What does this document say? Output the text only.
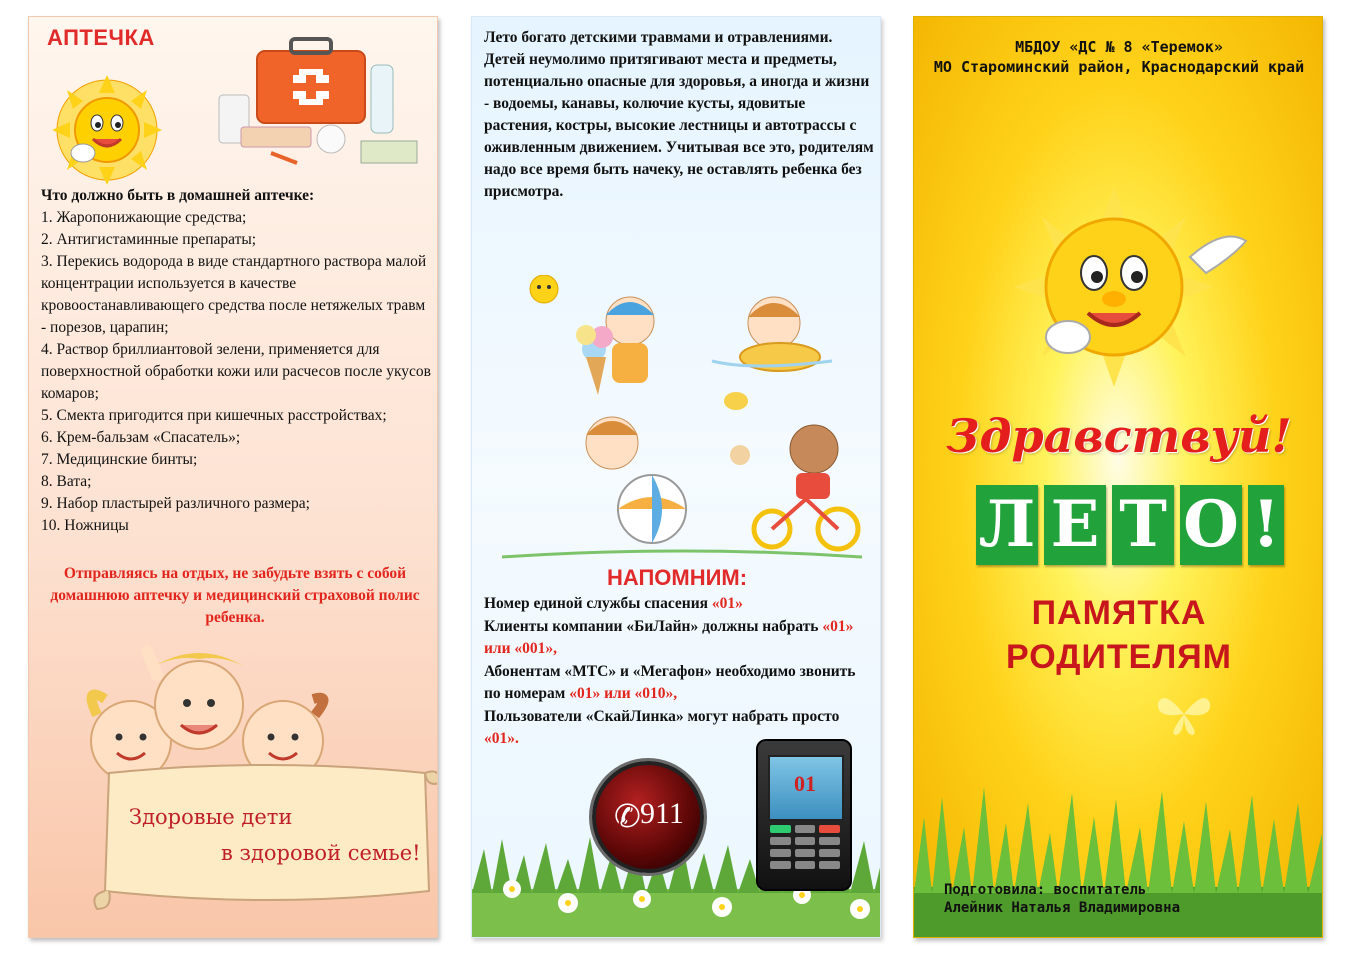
АПТЕЧКА
Что должно быть в домашней аптечке:
1. Жаропонижающие средства;
2. Антигистаминные препараты;
3. Перекись водорода в виде стандартного раствора малой концентрации используется в качестве кровоостанавливающего средства после нетяжелых травм - порезов, царапин;
4. Раствор бриллиантовой зелени, применяется для поверхностной обработки кожи или расчесов после укусов комаров;
5. Смекта пригодится при кишечных расстройствах;
6. Крем-бальзам «Спасатель»;
7. Медицинские бинты;
8. Вата;
9. Набор пластырей различного размера;
10. Ножницы
Отправляясь на отдых, не забудьте взять с собой домашнюю аптечку и медицинский страховой полис ребенка.
Здоровые дети
в здоровой семье!
Лето богато детскими травмами и отравлениями. Детей неумолимо притягивают места и предметы, потенциально опасные для здоровья, а иногда и жизни - водоемы, канавы, колючие кусты, ядовитые растения, костры, высокие лестницы и автотрассы с оживленным движением. Учитывая все это, родителям надо все время быть начеку, не оставлять ребенка без присмотра.
НАПОМНИМ:
Номер единой службы спасения «01»
Клиенты компании «БиЛайн» должны набрать «01» или «001»,
Абонентам «МТС» и «Мегафон» необходимо звонить по номерам «01» или «010»,
Пользователи «СкайЛинка» могут набрать просто «01».
✆ 911
01
МБДОУ «ДС № 8 «Теремок»
МО Староминский район, Краснодарский край
Здравствуй!
Л Е Т О !
ПАМЯТКА
РОДИТЕЛЯМ
Подготовила: воспитатель
Алейник Наталья Владимировна
